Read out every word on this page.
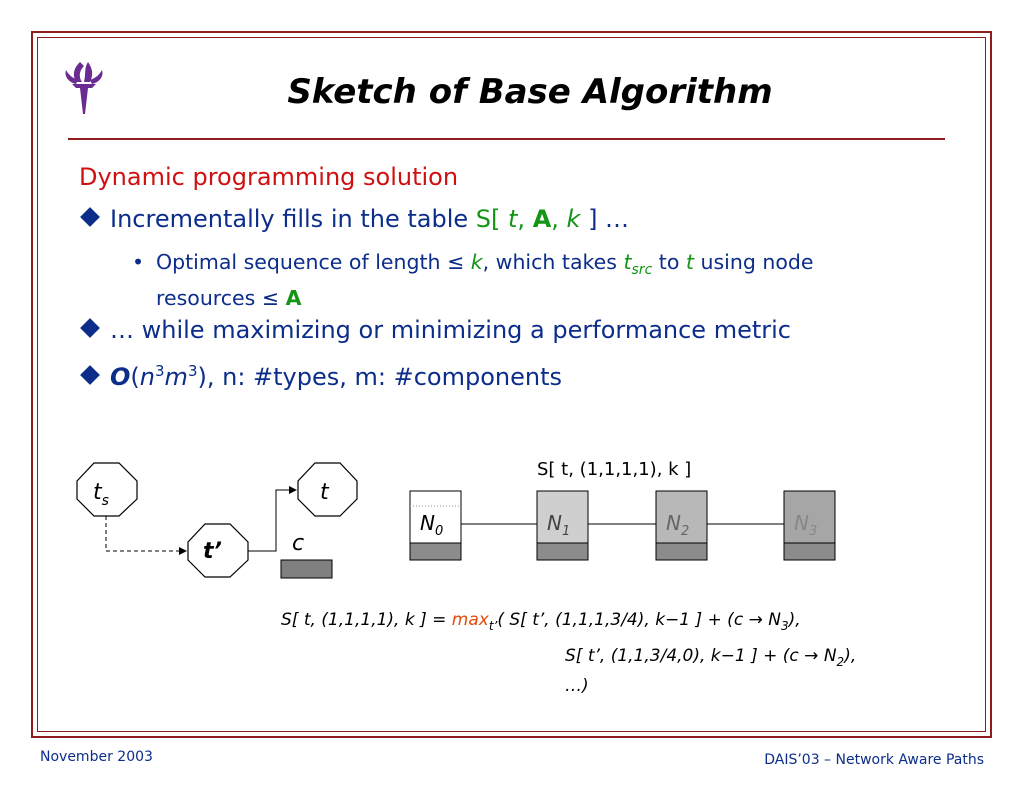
Sketch of Base Algorithm
Dynamic programming solution
Incrementally fills in the table S[ t, A, k ] …
• Optimal sequence of length ≤ k, which takes $t_{src}$ to t using node
resources ≤ A
… while maximizing or minimizing a performance metric
$O(n^3m^3)$, n: #types, m: #components
$t_s$	t
t’	c
S[ t, (1,1,1,1), k ]
$N_0$	$N_1$	$N_2$	$N_3$
S[ t, (1,1,1,1), k ] = $\max_{t’}$( S[ t’, (1,1,1,3/4), k−1 ] + $(c \to N_3)$,
S[ t’, (1,1,3/4,0), k−1 ] + $(c \to N_2)$,
…)
November 2003	DAIS’03 – Network Aware Paths
